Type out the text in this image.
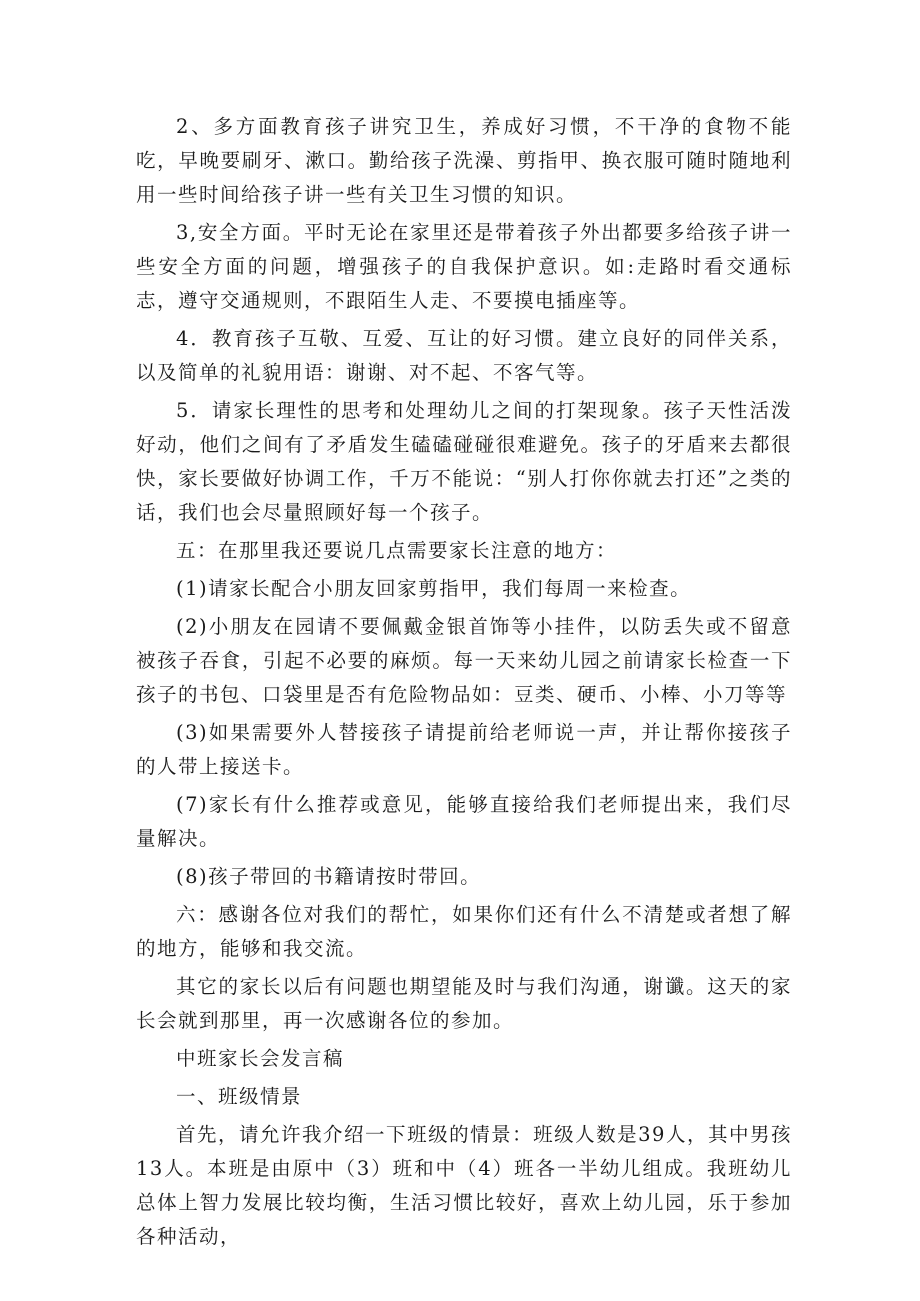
2、多方面教育孩子讲究卫生，养成好习惯，不干净的食物不能吃，早晚要刷牙、漱口。勤给孩子洗澡、剪指甲、换衣服可随时随地利用一些时间给孩子讲一些有关卫生习惯的知识。

3,安全方面。平时无论在家里还是带着孩子外出都要多给孩子讲一些安全方面的问题，增强孩子的自我保护意识。如:走路时看交通标志，遵守交通规则，不跟陌生人走、不要摸电插座等。

4．教育孩子互敬、互爱、互让的好习惯。建立良好的同伴关系，以及简单的礼貌用语：谢谢、对不起、不客气等。

5．请家长理性的思考和处理幼儿之间的打架现象。孩子天性活泼好动，他们之间有了矛盾发生磕磕碰碰很难避免。孩子的牙盾来去都很快，家长要做好协调工作，千万不能说：“别人打你你就去打还”之类的话，我们也会尽量照顾好每一个孩子。

五：在那里我还要说几点需要家长注意的地方：

(1)请家长配合小朋友回家剪指甲，我们每周一来检查。

(2)小朋友在园请不要佩戴金银首饰等小挂件，以防丢失或不留意被孩子吞食，引起不必要的麻烦。每一天来幼儿园之前请家长检查一下孩子的书包、口袋里是否有危险物品如：豆类、硬币、小棒、小刀等等

(3)如果需要外人替接孩子请提前给老师说一声，并让帮你接孩子的人带上接送卡。

(7)家长有什么推荐或意见，能够直接给我们老师提出来，我们尽量解决。

(8)孩子带回的书籍请按时带回。

六：感谢各位对我们的帮忙，如果你们还有什么不清楚或者想了解的地方，能够和我交流。

其它的家长以后有问题也期望能及时与我们沟通，谢谶。这天的家长会就到那里，再一次感谢各位的参加。

中班家长会发言稿

一、班级情景

首先，请允许我介绍一下班级的情景：班级人数是39人，其中男孩13人。本班是由原中（3）班和中（4）班各一半幼儿组成。我班幼儿总体上智力发展比较均衡，生活习惯比较好，喜欢上幼儿园，乐于参加各种活动，
